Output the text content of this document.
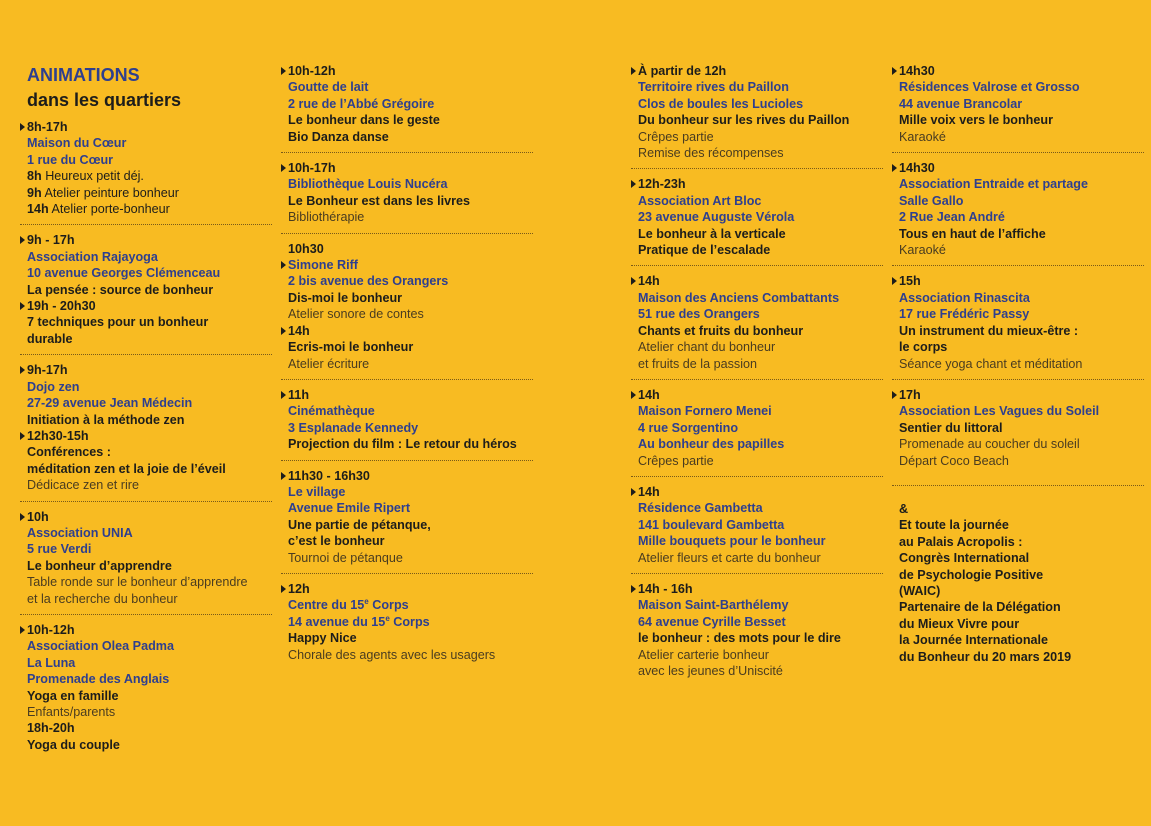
ANIMATIONS
dans les quartiers
8h-17h
Maison du Cœur
1 rue du Cœur
8h Heureux petit déj.
9h Atelier peinture bonheur
14h Atelier porte-bonheur
9h - 17h
Association Rajayoga
10 avenue Georges Clémenceau
La pensée : source de bonheur
19h - 20h30
7 techniques pour un bonheur
durable
9h-17h
Dojo zen
27-29 avenue Jean Médecin
Initiation à la méthode zen
12h30-15h
Conférences :
méditation zen et la joie de l’éveil
Dédicace zen et rire
10h
Association UNIA
5 rue Verdi
Le bonheur d’apprendre
Table ronde sur le bonheur d’apprendre
et la recherche du bonheur
10h-12h
Association Olea Padma
La Luna
Promenade des Anglais
Yoga en famille
Enfants/parents
18h-20h
Yoga du couple
10h-12h
Goutte de lait
2 rue de l’Abbé Grégoire
Le bonheur dans le geste
Bio Danza danse
10h-17h
Bibliothèque Louis Nucéra
Le Bonheur est dans les livres
Bibliothérapie
10h30
Simone Riff
2 bis avenue des Orangers
Dis-moi le bonheur
Atelier sonore de contes
14h
Ecris-moi le bonheur
Atelier écriture
11h
Cinémathèque
3 Esplanade Kennedy
Projection du film : Le retour du héros
11h30 - 16h30
Le village
Avenue Emile Ripert
Une partie de pétanque,
c’est le bonheur
Tournoi de pétanque
12h
Centre du 15e Corps
14 avenue du 15e Corps
Happy Nice
Chorale des agents avec les usagers
À partir de 12h
Territoire rives du Paillon
Clos de boules les Lucioles
Du bonheur sur les rives du Paillon
Crêpes partie
Remise des récompenses
12h-23h
Association Art Bloc
23 avenue Auguste Vérola
Le bonheur à la verticale
Pratique de l’escalade
14h
Maison des Anciens Combattants
51 rue des Orangers
Chants et fruits du bonheur
Atelier chant du bonheur
et fruits de la passion
14h
Maison Fornero Menei
4 rue Sorgentino
Au bonheur des papilles
Crêpes partie
14h
Résidence Gambetta
141 boulevard Gambetta
Mille bouquets pour le bonheur
Atelier fleurs et carte du bonheur
14h - 16h
Maison Saint-Barthélemy
64 avenue Cyrille Besset
le bonheur : des mots pour le dire
Atelier carterie bonheur
avec les jeunes d’Uniscité
14h30
Résidences Valrose et Grosso
44 avenue Brancolar
Mille voix vers le bonheur
Karaoké
14h30
Association Entraide et partage
Salle Gallo
2 Rue Jean André
Tous en haut de l’affiche
Karaoké
15h
Association Rinascita
17 rue Frédéric Passy
Un instrument du mieux-être :
le corps
Séance yoga chant et méditation
17h
Association Les Vagues du Soleil
Sentier du littoral
Promenade au coucher du soleil
Départ Coco Beach
&
Et toute la journée
au Palais Acropolis :
Congrès International
de Psychologie Positive
(WAIC)
Partenaire de la Délégation
du Mieux Vivre pour
la Journée Internationale
du Bonheur du 20 mars 2019
